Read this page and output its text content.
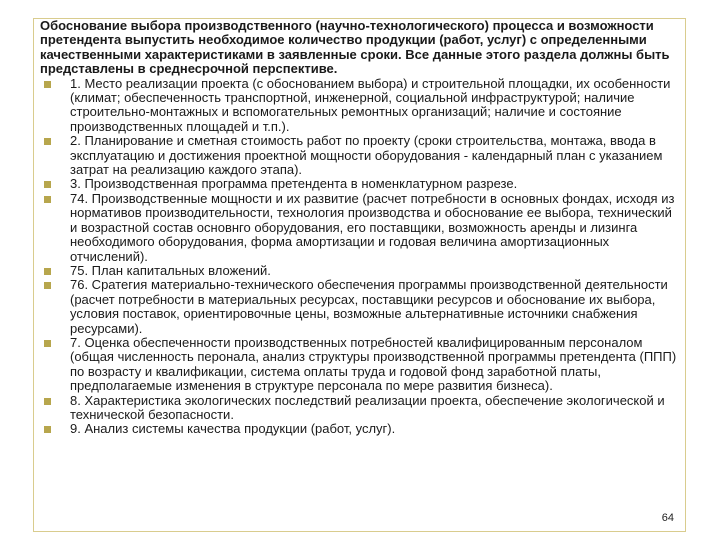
Обоснование выбора производственного (научно-технологического) процесса и возможности претендента выпустить необходимое количество продукции (работ, услуг) с определенными качественными характеристиками в заявленные сроки. Все данные этого раздела должны быть представлены в среднесрочной перспективе.

1. Место реализации проекта (с обоснованием выбора) и строительной площадки, их особенности (климат; обеспеченность транспортной, инженерной, социальной инфраструктурой; наличие строительно-монтажных и вспомогательных ремонтных организаций; наличие и состояние производственных площадей и т.п.).
2. Планирование и сметная стоимость работ по проекту (сроки строительства, монтажа, ввода в эксплуатацию и достижения проектной мощности оборудования - календарный план с указанием затрат на реализацию каждого этапа).
3. Производственная программа претендента в номенклатурном разрезе.
74. Производственные мощности и их развитие (расчет потребности в основных фондах, исходя из нормативов производительности, технология производства и обоснование ее выбора, технический и возрастной состав основнго оборудования, его поставщики, возможность аренды и лизинга необходимого оборудования, форма амортизации и годовая величина амортизационных отчислений).
75. План капитальных вложений.
76. Сратегия материально-технического обеспечения программы производственной деятельности (расчет потребности в материальных ресурсах, поставщики ресурсов и обоснование их выбора, условия поставок, ориентировочные цены, возможные альтернативные источники снабжения ресурсами).
7. Оценка обеспеченности производственных потребностей квалифицированным персоналом (общая численность перонала, анализ структуры производственной программы претендента (ППП) по возрасту и квалификации, система оплаты труда и годовой фонд заработной платы, предполагаемые изменения в структуре персонала по мере развития бизнеса).
8. Характеристика экологических последствий реализации проекта, обеспечение экологической и технической безопасности.
9. Анализ системы качества продукции (работ, услуг).
64
